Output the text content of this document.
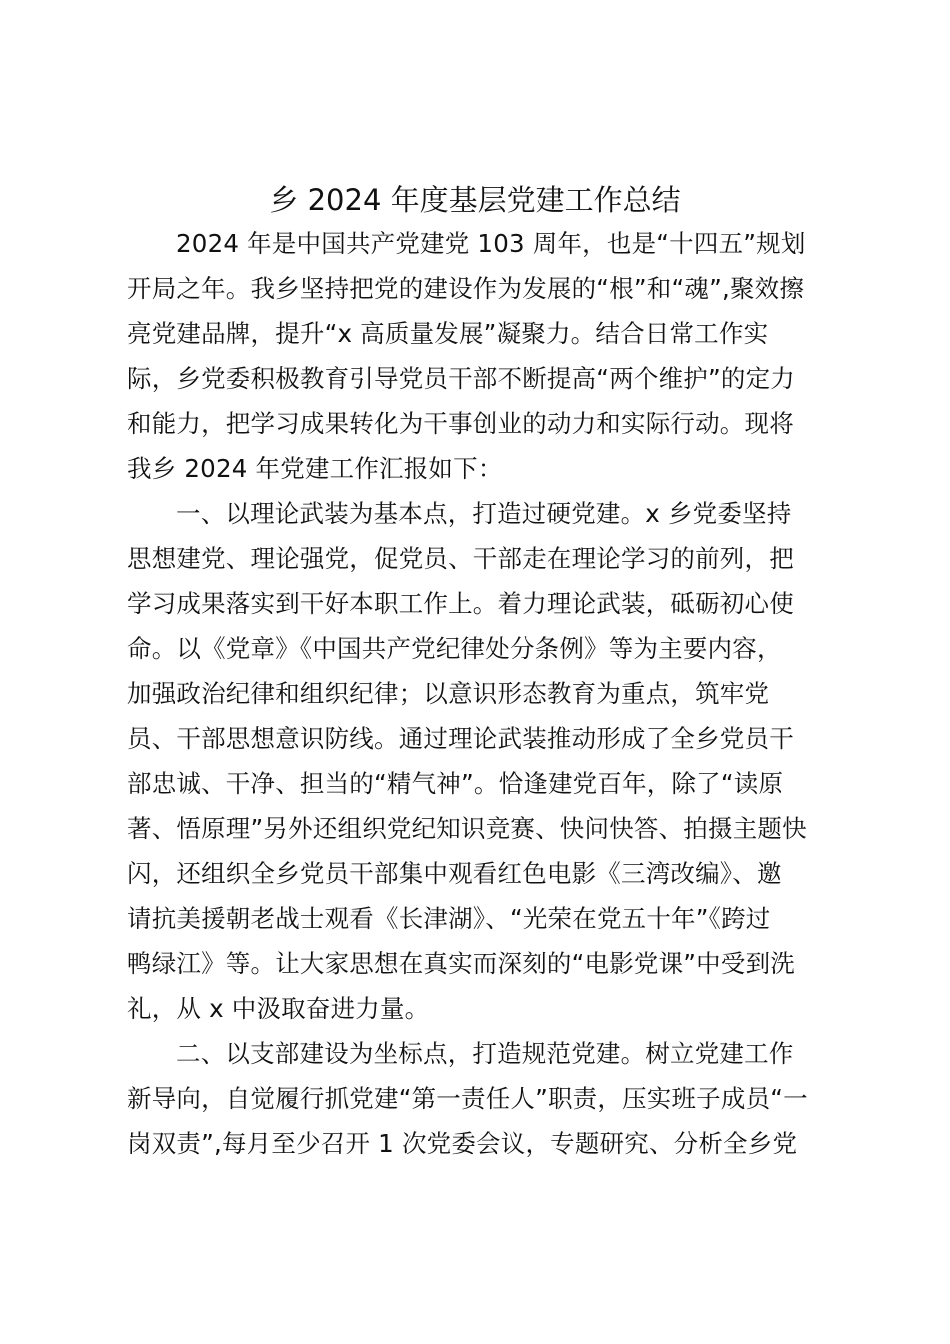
乡 2024 年度基层党建工作总结
2024 年是中国共产党建党 103 周年，也是“十四五”规划
开局之年。我乡坚持把党的建设作为发展的“根”和“魂”,聚效擦
亮党建品牌，提升“x 高质量发展”凝聚力。结合日常工作实
际，乡党委积极教育引导党员干部不断提高“两个维护”的定力
和能力，把学习成果转化为干事创业的动力和实际行动。现将
我乡 2024 年党建工作汇报如下：
一、以理论武装为基本点，打造过硬党建。x 乡党委坚持
思想建党、理论强党，促党员、干部走在理论学习的前列，把
学习成果落实到干好本职工作上。着力理论武装，砥砺初心使
命。以《党章》《中国共产党纪律处分条例》等为主要内容，
加强政治纪律和组织纪律；以意识形态教育为重点，筑牢党
员、干部思想意识防线。通过理论武装推动形成了全乡党员干
部忠诚、干净、担当的“精气神”。恰逢建党百年，除了“读原
著、悟原理”另外还组织党纪知识竞赛、快问快答、拍摄主题快
闪，还组织全乡党员干部集中观看红色电影《三湾改编》、邀
请抗美援朝老战士观看《长津湖》、“光荣在党五十年”《跨过
鸭绿江》等。让大家思想在真实而深刻的“电影党课”中受到洗
礼，从 x 中汲取奋进力量。
二、以支部建设为坐标点，打造规范党建。树立党建工作
新导向，自觉履行抓党建“第一责任人”职责，压实班子成员“一
岗双责”,每月至少召开 1 次党委会议，专题研究、分析全乡党
